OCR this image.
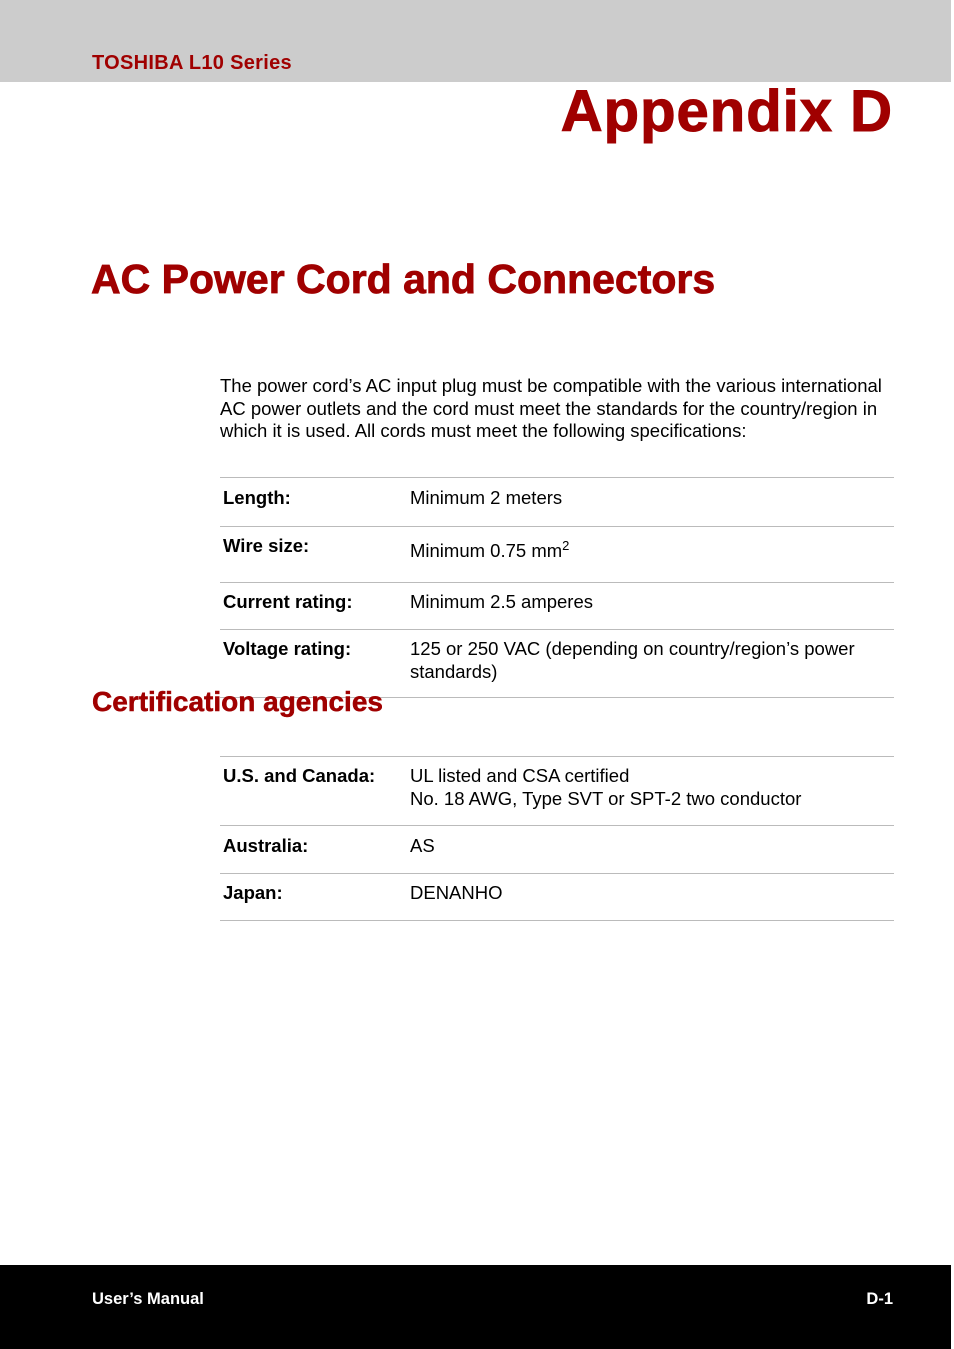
TOSHIBA L10 Series
Appendix D
AC Power Cord and Connectors
The power cord’s AC input plug must be compatible with the various international AC power outlets and the cord must meet the standards for the country/region in which it is used. All cords must meet the following specifications:
Length:	Minimum 2 meters
Wire size:	Minimum 0.75 $mm^2$
Current rating:	Minimum 2.5 amperes
Voltage rating:	125 or 250 VAC (depending on country/region’s power standards)
Certification agencies
U.S. and Canada:	UL listed and CSA certified
No. 18 AWG, Type SVT or SPT-2 two conductor

Australia:	AS
Japan:	DENANHO
User’s Manual	D-1
